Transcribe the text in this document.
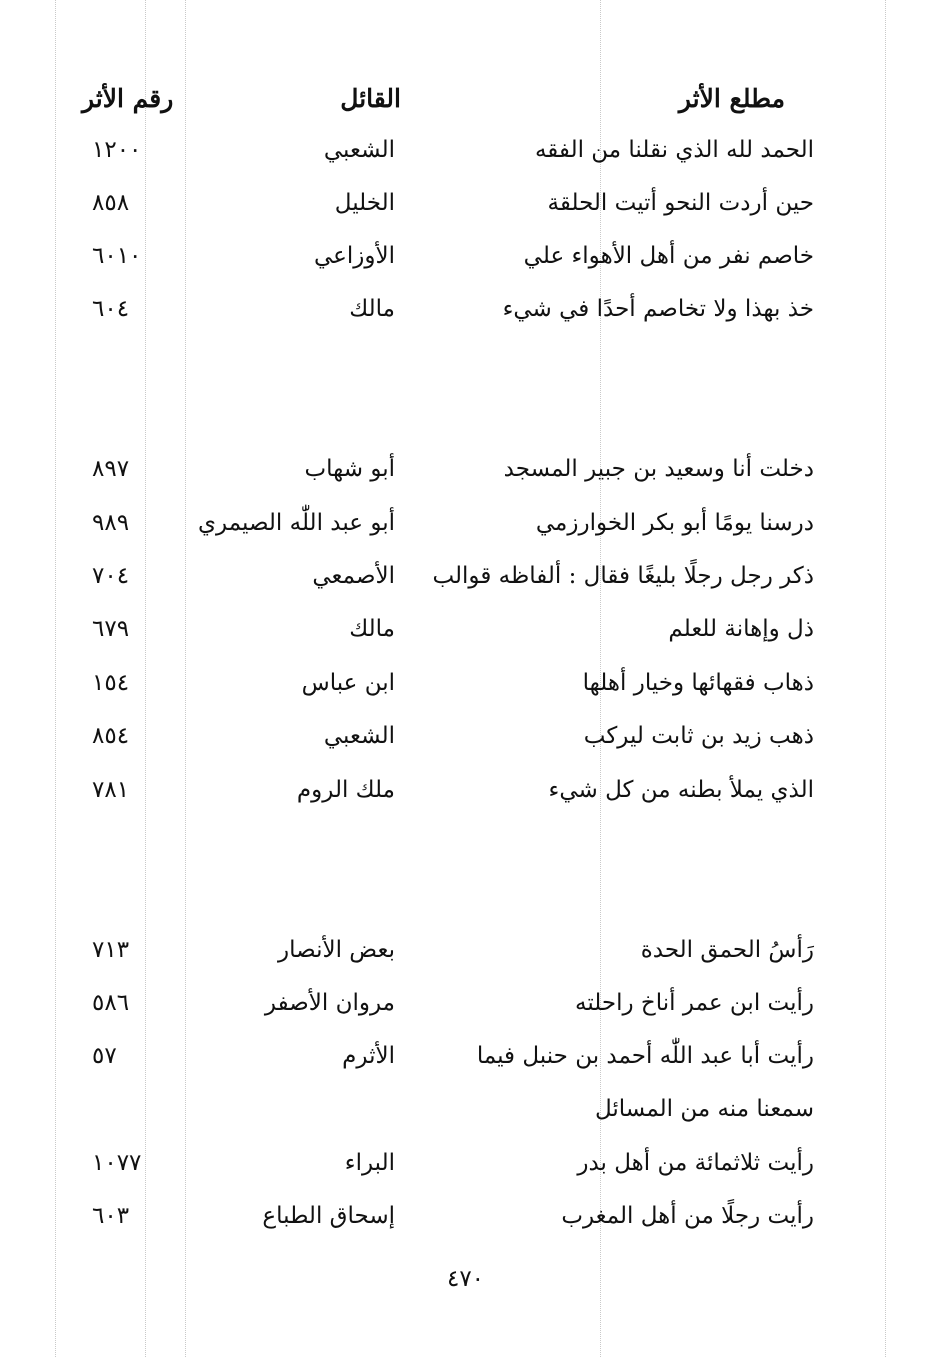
مطلع الأثر
القائل
رقم الأثر
الحمد لله الذي نقلنا من الفقه
الشعبي
١٢٠٠
حين أردت النحو أتيت الحلقة
الخليل
٨٥٨
خاصم نفر من أهل الأهواء علي
الأوزاعي
٦٠١٠
خذ بهذا ولا تخاصم أحدًا في شيء
مالك
٦٠٤
دخلت أنا وسعيد بن جبير المسجد
أبو شهاب
٨٩٧
درسنا يومًا أبو بكر الخوارزمي
أبو عبد اللّٰه الصيمري
٩٨٩
ذكر رجل رجلًا بليغًا فقال : ألفاظه قوالب
الأصمعي
٧٠٤
ذل وإهانة للعلم
مالك
٦٧٩
ذهاب فقهائها وخيار أهلها
ابن عباس
١٥٤
ذهب زيد بن ثابت ليركب
الشعبي
٨٥٤
الذي يملأ بطنه من كل شيء
ملك الروم
٧٨١
رَأسُ الحمق الحدة
بعض الأنصار
٧١٣
رأيت ابن عمر أناخ راحلته
مروان الأصفر
٥٨٦
رأيت أبا عبد اللّٰه أحمد بن حنبل فيما
الأثرم
٥٧
سمعنا منه من المسائل
رأيت ثلاثمائة من أهل بدر
البراء
١٠٧٧
رأيت رجلًا من أهل المغرب
إسحاق الطباع
٦٠٣
٤٧٠
